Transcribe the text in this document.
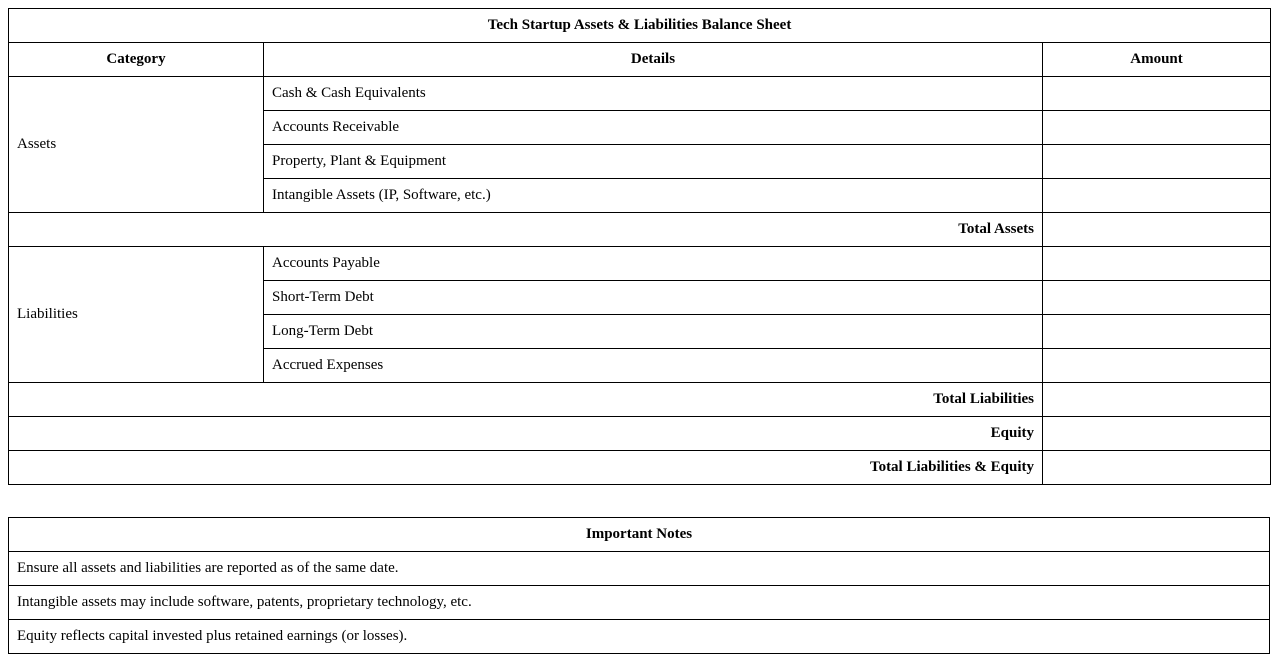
Tech Startup Assets & Liabilities Balance Sheet		
Category	Details	Amount
Assets	Cash & Cash Equivalents	
	Accounts Receivable	
	Property, Plant & Equipment	
	Intangible Assets (IP, Software, etc.)	
Total Assets		
Liabilities	Accounts Payable	
	Short-Term Debt	
	Long-Term Debt	
	Accrued Expenses	
Total Liabilities		
Equity		
Total Liabilities & Equity		
Important Notes
Ensure all assets and liabilities are reported as of the same date.
Intangible assets may include software, patents, proprietary technology, etc.
Equity reflects capital invested plus retained earnings (or losses).
